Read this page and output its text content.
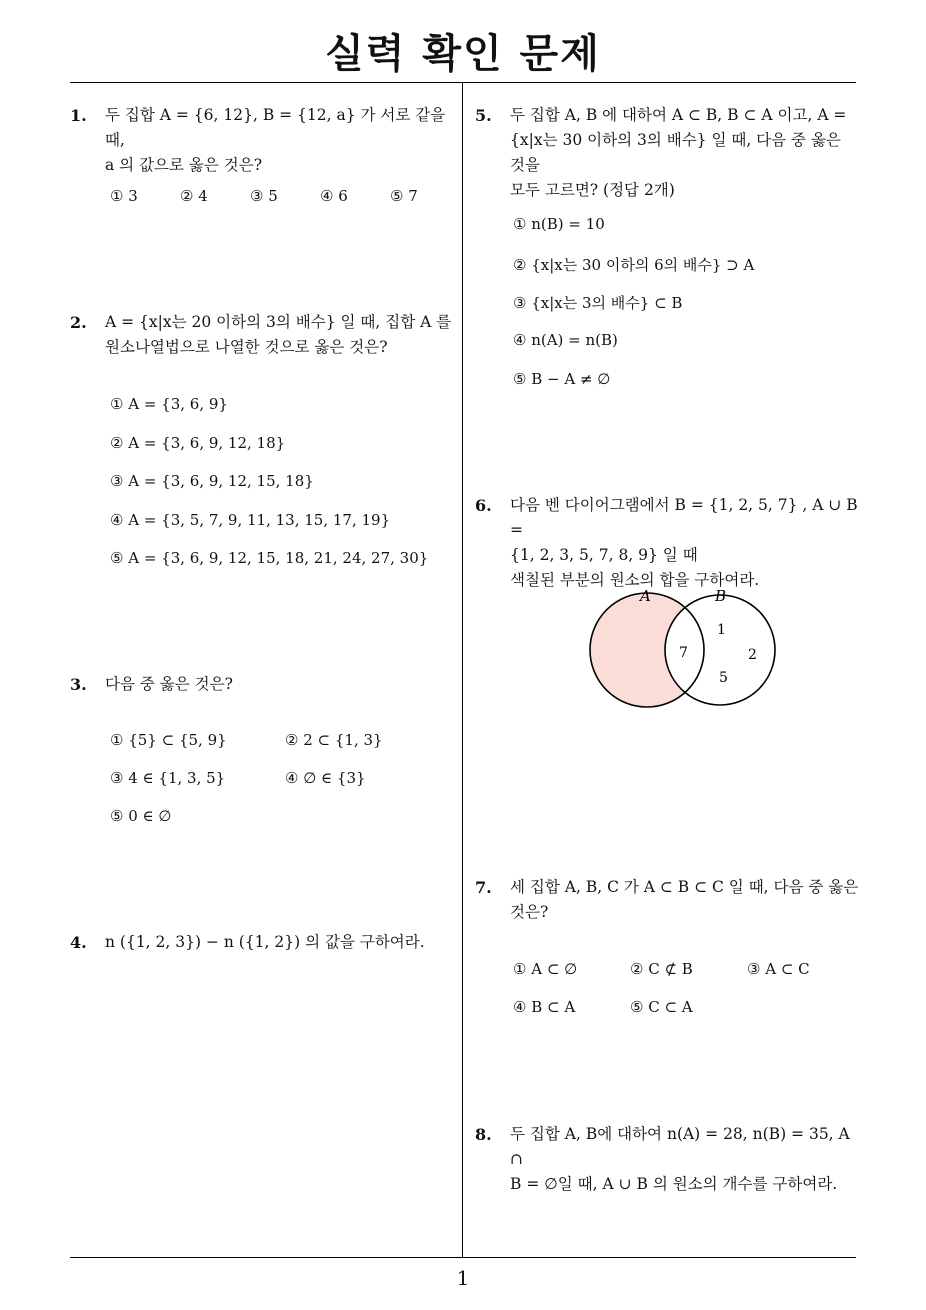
실력 확인 문제
1
1. 두 집합 A = {6, 12}, B = {12, a} 가 서로 같을 때,
a 의 값으로 옳은 것은?
① 3	② 4	③ 5	④ 6	⑤ 7
2. A = {x|x는 20 이하의 3의 배수} 일 때, 집합 A 를
원소나열법으로 나열한 것으로 옳은 것은?
① A = {3, 6, 9}
② A = {3, 6, 9, 12, 18}
③ A = {3, 6, 9, 12, 15, 18}
④ A = {3, 5, 7, 9, 11, 13, 15, 17, 19}
⑤ A = {3, 6, 9, 12, 15, 18, 21, 24, 27, 30}
3. 다음 중 옳은 것은?
① {5} ⊂ {5, 9}	② 2 ⊂ {1, 3}
③ 4 ∈ {1, 3, 5}	④ ∅ ∈ {3}
⑤ 0 ∈ ∅
4. n ({1, 2, 3}) − n ({1, 2}) 의 값을 구하여라.
5. 두 집합 A, B 에 대하여 A ⊂ B, B ⊂ A 이고, A =
{x|x는 30 이하의 3의 배수} 일 때, 다음 중 옳은 것을
모두 고르면? (정답 2개)
① n(B) = 10
② {x|x는 30 이하의 6의 배수} ⊃ A
③ {x|x는 3의 배수} ⊂ B
④ n(A) = n(B)
⑤ B − A ≠ ∅
6. 다음 벤 다이어그램에서 B = {1, 2, 5, 7} , A ∪ B =
{1, 2, 3, 5, 7, 8, 9} 일 때
색칠된 부분의 원소의 합을 구하여라.
A	B
1
7	2
5
7. 세 집합 A, B, C 가 A ⊂ B ⊂ C 일 때, 다음 중 옳은
것은?
① A ⊂ ∅	② C ⊄ B	③ A ⊂ C
④ B ⊂ A	⑤ C ⊂ A
8. 두 집합 A, B에 대하여 n(A) = 28, n(B) = 35, A ∩
B = ∅일 때, A ∪ B 의 원소의 개수를 구하여라.
